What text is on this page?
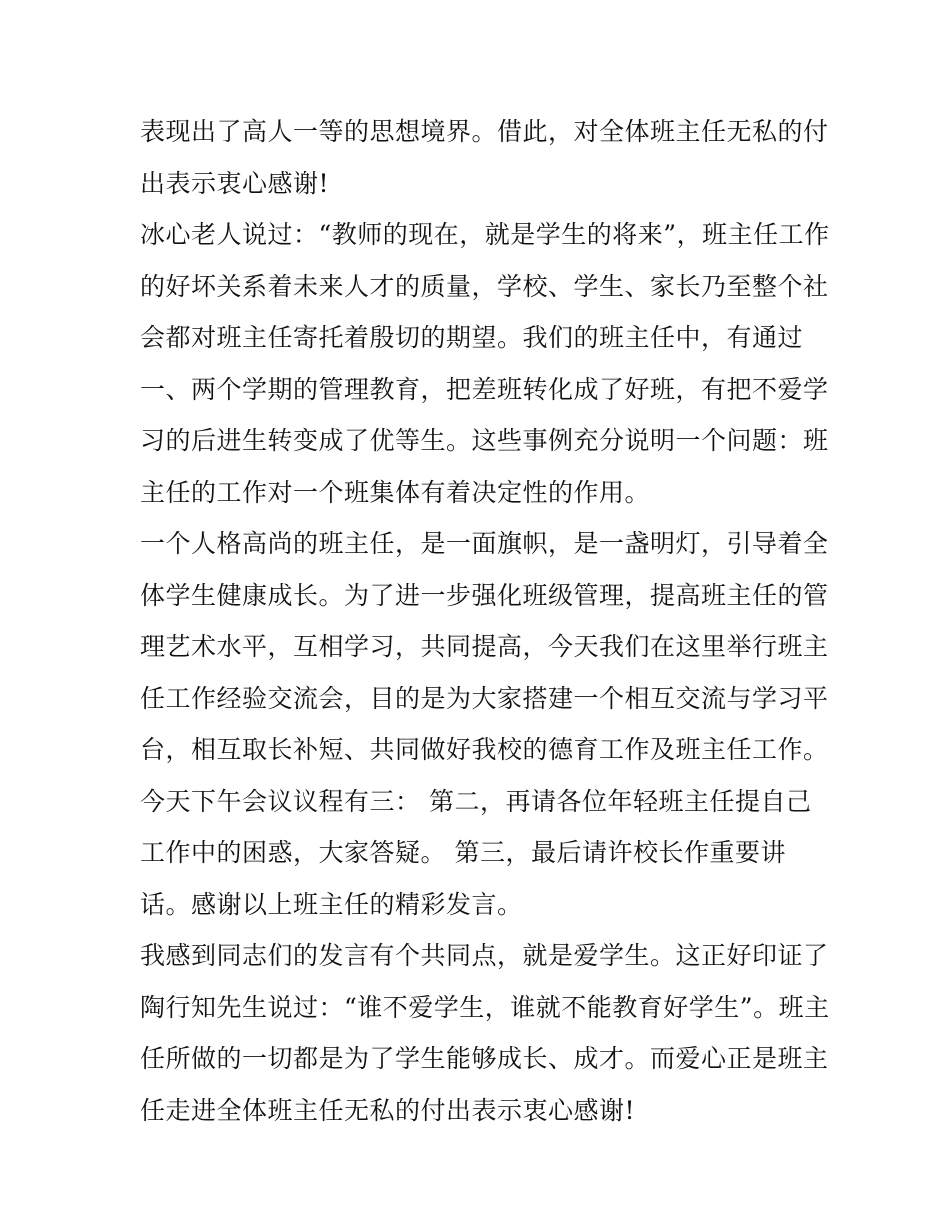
表现出了高人一等的思想境界。借此，对全体班主任无私的付
出表示衷心感谢!
冰心老人说过：“教师的现在，就是学生的将来”，班主任工作
的好坏关系着未来人才的质量，学校、学生、家长乃至整个社
会都对班主任寄托着殷切的期望。我们的班主任中，有通过
一、两个学期的管理教育，把差班转化成了好班，有把不爱学
习的后进生转变成了优等生。这些事例充分说明一个问题：班
主任的工作对一个班集体有着决定性的作用。
一个人格高尚的班主任，是一面旗帜，是一盏明灯，引导着全
体学生健康成长。为了进一步强化班级管理，提高班主任的管
理艺术水平，互相学习，共同提高，今天我们在这里举行班主
任工作经验交流会，目的是为大家搭建一个相互交流与学习平
台，相互取长补短、共同做好我校的德育工作及班主任工作。
今天下午会议议程有三： 第二，再请各位年轻班主任提自己
工作中的困惑，大家答疑。 第三，最后请许校长作重要讲
话。感谢以上班主任的精彩发言。
我感到同志们的发言有个共同点，就是爱学生。这正好印证了
陶行知先生说过：“谁不爱学生，谁就不能教育好学生”。班主
任所做的一切都是为了学生能够成长、成才。而爱心正是班主
任走进全体班主任无私的付出表示衷心感谢!
